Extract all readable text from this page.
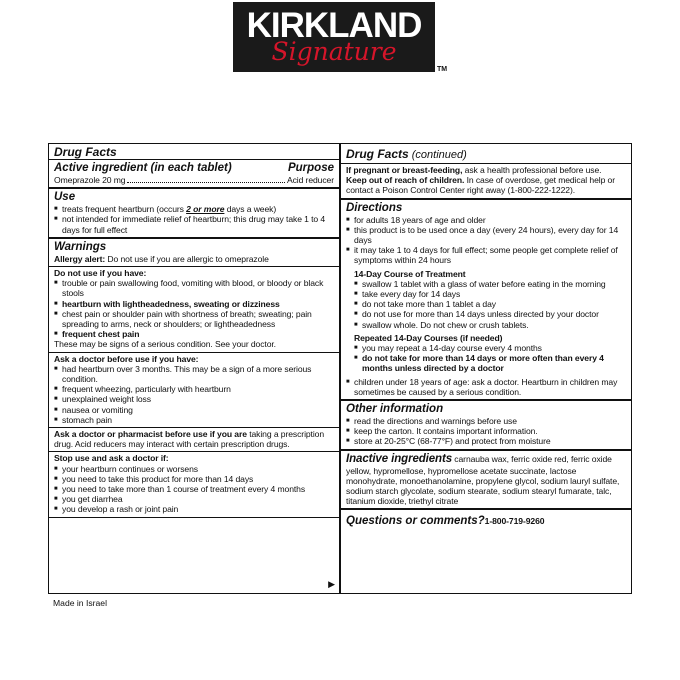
KIRKLAND
Signature
TM
Drug Facts
Active ingredient (in each tablet)	Purpose
Omeprazole 20 mg	Acid reducer
Use
■ treats frequent heartburn (occurs 2 or more days a week)
■ not intended for immediate relief of heartburn; this drug may take 1 to 4 days for full effect
Warnings
Allergy alert: Do not use if you are allergic to omeprazole
Do not use if you have:
■ trouble or pain swallowing food, vomiting with blood, or bloody or black stools
■ heartburn with lightheadedness, sweating or dizziness
■ chest pain or shoulder pain with shortness of breath; sweating; pain spreading to arms, neck or shoulders; or lightheadedness
■ frequent chest pain
These may be signs of a serious condition. See your doctor.
Ask a doctor before use if you have:
■ had heartburn over 3 months. This may be a sign of a more serious condition.
■ frequent wheezing, particularly with heartburn
■ unexplained weight loss
■ nausea or vomiting
■ stomach pain
Ask a doctor or pharmacist before use if you are taking a prescription drug. Acid reducers may interact with certain prescription drugs.
Stop use and ask a doctor if:
■ your heartburn continues or worsens
■ you need to take this product for more than 14 days
■ you need to take more than 1 course of treatment every 4 months
■ you get diarrhea
■ you develop a rash or joint pain
▶
Drug Facts (continued)
If pregnant or breast-feeding, ask a health professional before use.
Keep out of reach of children. In case of overdose, get medical help or contact a Poison Control Center right away (1-800-222-1222).
Directions
■ for adults 18 years of age and older
■ this product is to be used once a day (every 24 hours), every day for 14 days
■ it may take 1 to 4 days for full effect; some people get complete relief of symptoms within 24 hours
14-Day Course of Treatment
■ swallow 1 tablet with a glass of water before eating in the morning
■ take every day for 14 days
■ do not take more than 1 tablet a day
■ do not use for more than 14 days unless directed by your doctor
■ swallow whole. Do not chew or crush tablets.
Repeated 14-Day Courses (if needed)
■ you may repeat a 14-day course every 4 months
■ do not take for more than 14 days or more often than every 4 months unless directed by a doctor
■ children under 18 years of age: ask a doctor. Heartburn in children may sometimes be caused by a serious condition.
Other information
■ read the directions and warnings before use
■ keep the carton. It contains important information.
■ store at 20-25°C (68-77°F) and protect from moisture
Inactive ingredients carnauba wax, ferric oxide red, ferric oxide yellow, hypromellose, hypromellose acetate succinate, lactose monohydrate, monoethanolamine, propylene glycol, sodium lauryl sulfate, sodium starch glycolate, sodium stearate, sodium stearyl fumarate, talc, titanium dioxide, triethyl citrate
Questions or comments?1-800-719-9260
Made in Israel
